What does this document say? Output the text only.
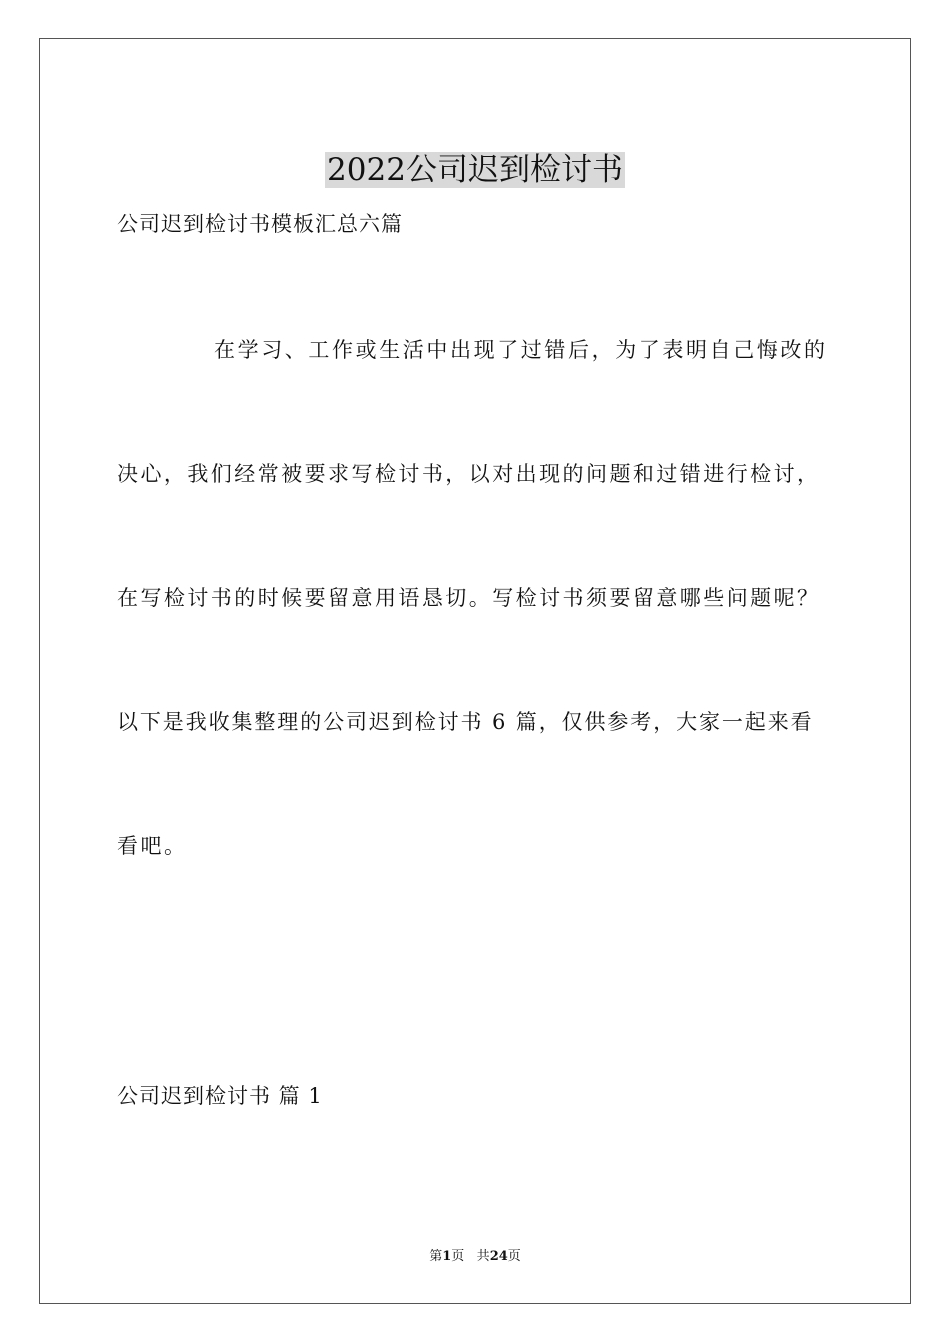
2022公司迟到检讨书
公司迟到检讨书模板汇总六篇
在学习、工作或生活中出现了过错后，为了表明自己悔改的
决心，我们经常被要求写检讨书，以对出现的问题和过错进行检讨，
在写检讨书的时候要留意用语恳切。写检讨书须要留意哪些问题呢？
以下是我收集整理的公司迟到检讨书 6 篇，仅供参考，大家一起来看
看吧。
公司迟到检讨书 篇 1
第1页 共24页
